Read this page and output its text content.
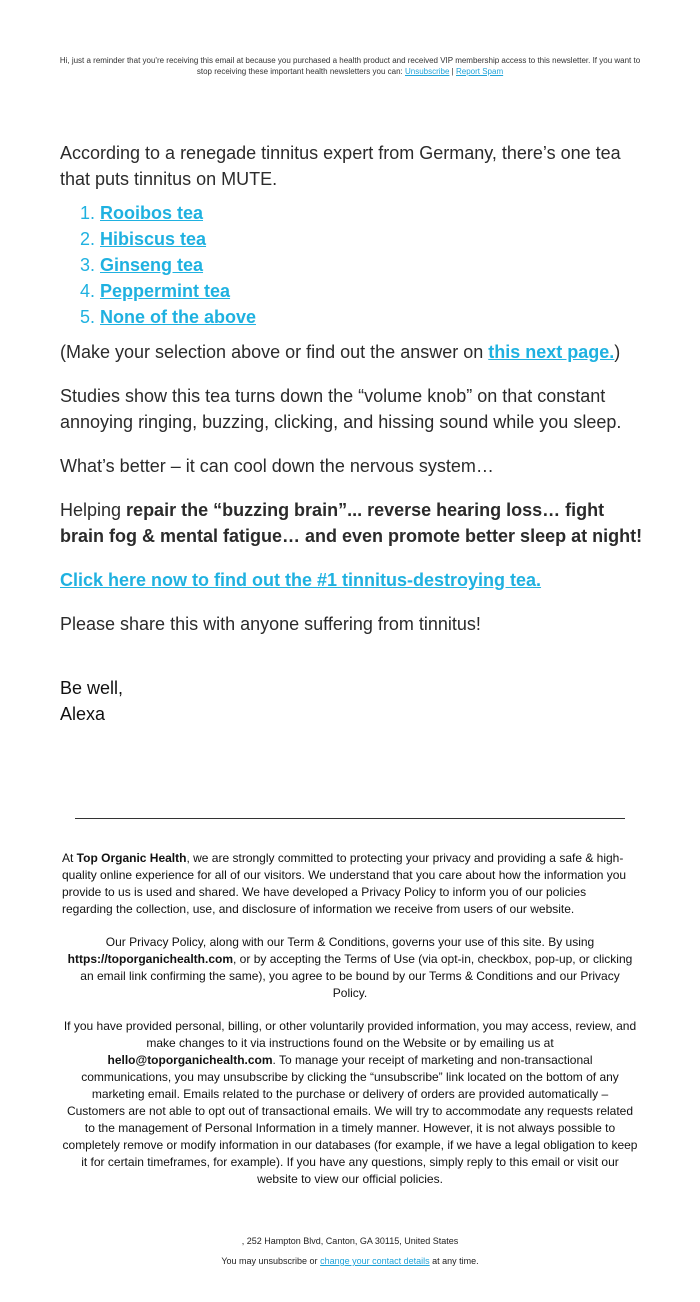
Hi, just a reminder that you're receiving this email at because you purchased a health product and received VIP membership access to this newsletter. If you want to stop receiving these important health newsletters you can: Unsubscribe | Report Spam

According to a renegade tinnitus expert from Germany, there’s one tea that puts tinnitus on MUTE.

1. Rooibos tea
2. Hibiscus tea
3. Ginseng tea
4. Peppermint tea
5. None of the above

(Make your selection above or find out the answer on this next page.)

Studies show this tea turns down the “volume knob” on that constant annoying ringing, buzzing, clicking, and hissing sound while you sleep.

What’s better – it can cool down the nervous system…

Helping repair the “buzzing brain”... reverse hearing loss… fight brain fog & mental fatigue… and even promote better sleep at night!

Click here now to find out the #1 tinnitus-destroying tea.

Please share this with anyone suffering from tinnitus!

Be well,
Alexa

At Top Organic Health, we are strongly committed to protecting your privacy and providing a safe & high-quality online experience for all of our visitors. We understand that you care about how the information you provide to us is used and shared. We have developed a Privacy Policy to inform you of our policies regarding the collection, use, and disclosure of information we receive from users of our website.

Our Privacy Policy, along with our Term & Conditions, governs your use of this site. By using https://toporganichealth.com, or by accepting the Terms of Use (via opt-in, checkbox, pop-up, or clicking an email link confirming the same), you agree to be bound by our Terms & Conditions and our Privacy Policy.

If you have provided personal, billing, or other voluntarily provided information, you may access, review, and make changes to it via instructions found on the Website or by emailing us at hello@toporganichealth.com. To manage your receipt of marketing and non-transactional communications, you may unsubscribe by clicking the “unsubscribe” link located on the bottom of any marketing email. Emails related to the purchase or delivery of orders are provided automatically – Customers are not able to opt out of transactional emails. We will try to accommodate any requests related to the management of Personal Information in a timely manner. However, it is not always possible to completely remove or modify information in our databases (for example, if we have a legal obligation to keep it for certain timeframes, for example). If you have any questions, simply reply to this email or visit our website to view our official policies.

, 252 Hampton Blvd, Canton, GA 30115, United States
You may unsubscribe or change your contact details at any time.
